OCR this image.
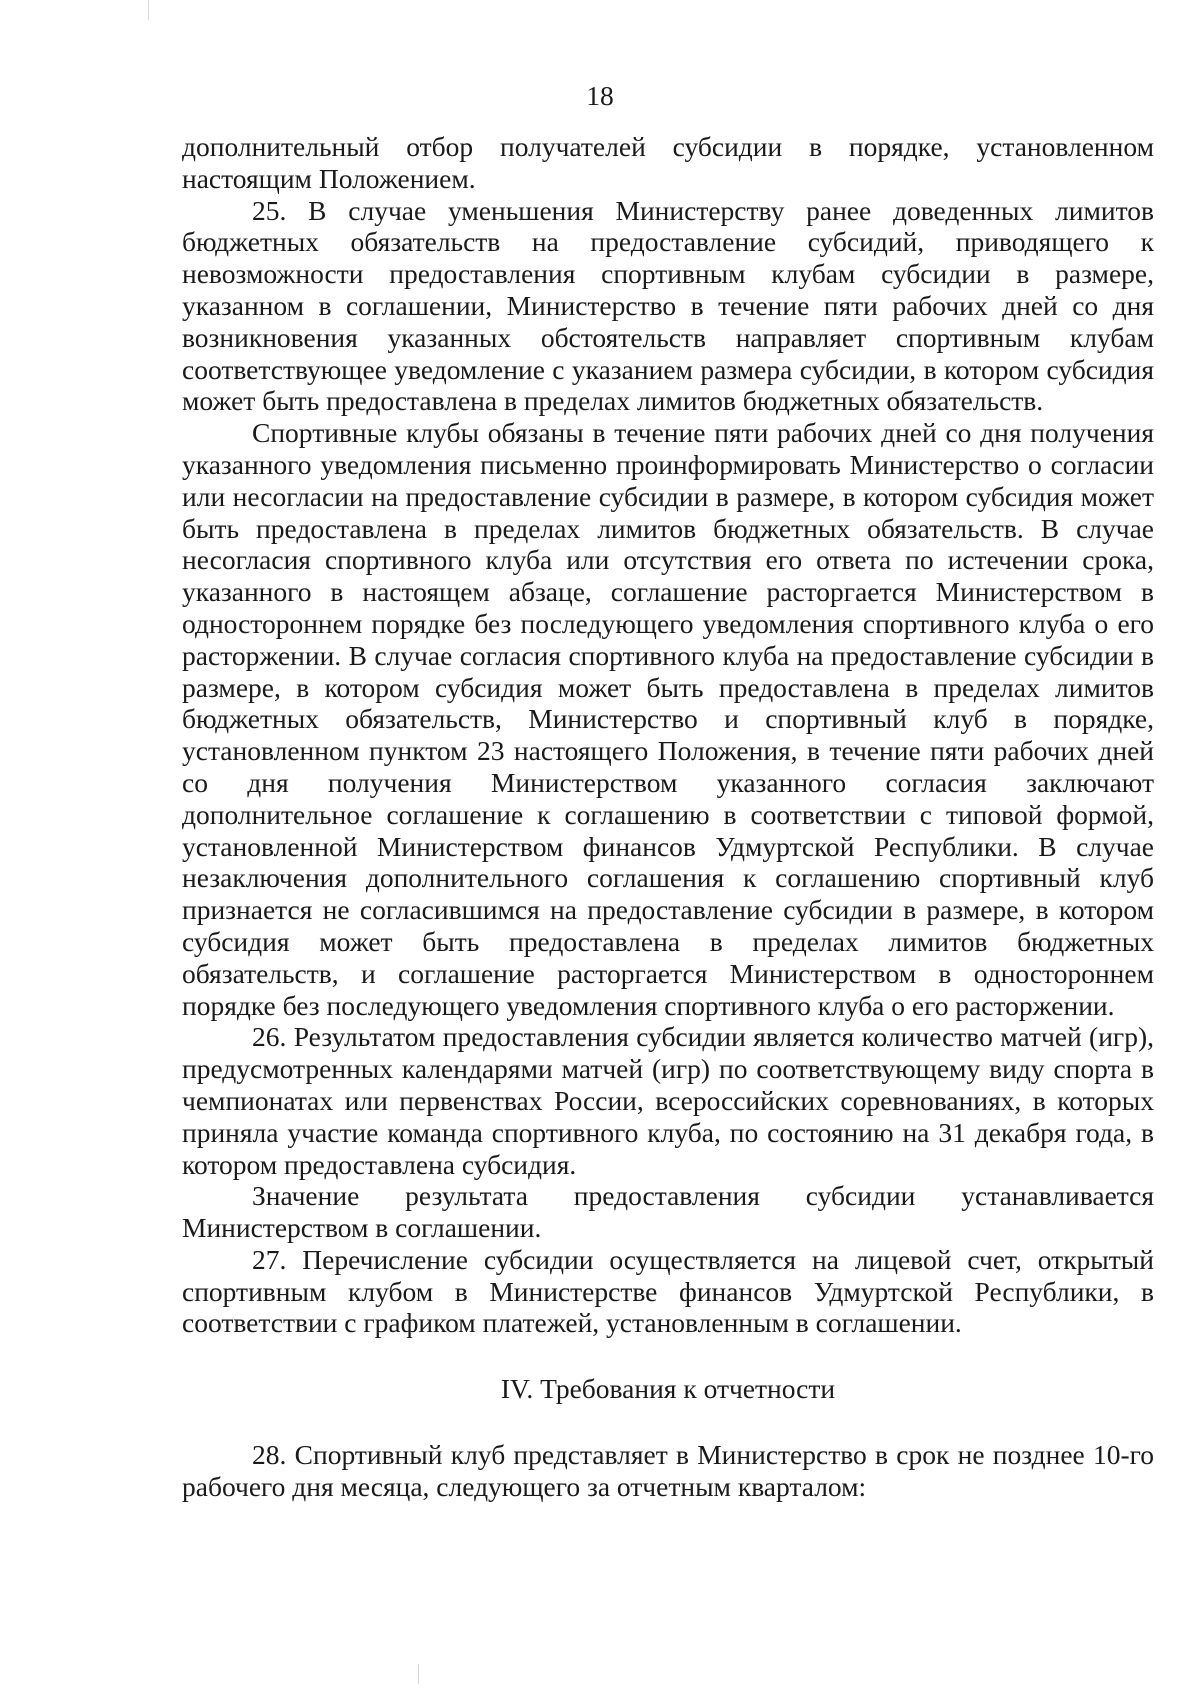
18

дополнительный отбор получателей субсидии в порядке, установленном настоящим Положением.

25. В случае уменьшения Министерству ранее доведенных лимитов бюджетных обязательств на предоставление субсидий, приводящего к невозможности предоставления спортивным клубам субсидии в размере, указанном в соглашении, Министерство в течение пяти рабочих дней со дня возникновения указанных обстоятельств направляет спортивным клубам соответствующее уведомление с указанием размера субсидии, в котором субсидия может быть предоставлена в пределах лимитов бюджетных обязательств.

Спортивные клубы обязаны в течение пяти рабочих дней со дня получения указанного уведомления письменно проинформировать Министерство о согласии или несогласии на предоставление субсидии в размере, в котором субсидия может быть предоставлена в пределах лимитов бюджетных обязательств. В случае несогласия спортивного клуба или отсутствия его ответа по истечении срока, указанного в настоящем абзаце, соглашение расторгается Министерством в одностороннем порядке без последующего уведомления спортивного клуба о его расторжении. В случае согласия спортивного клуба на предоставление субсидии в размере, в котором субсидия может быть предоставлена в пределах лимитов бюджетных обязательств, Министерство и спортивный клуб в порядке, установленном пунктом 23 настоящего Положения, в течение пяти рабочих дней со дня получения Министерством указанного согласия заключают дополнительное соглашение к соглашению в соответствии с типовой формой, установленной Министерством финансов Удмуртской Республики. В случае незаключения дополнительного соглашения к соглашению спортивный клуб признается не согласившимся на предоставление субсидии в размере, в котором субсидия может быть предоставлена в пределах лимитов бюджетных обязательств, и соглашение расторгается Министерством в одностороннем порядке без последующего уведомления спортивного клуба о его расторжении.

26. Результатом предоставления субсидии является количество матчей (игр), предусмотренных календарями матчей (игр) по соответствующему виду спорта в чемпионатах или первенствах России, всероссийских соревнованиях, в которых приняла участие команда спортивного клуба, по состоянию на 31 декабря года, в котором предоставлена субсидия.

Значение результата предоставления субсидии устанавливается Министерством в соглашении.

27. Перечисление субсидии осуществляется на лицевой счет, открытый спортивным клубом в Министерстве финансов Удмуртской Республики, в соответствии с графиком платежей, установленным в соглашении.

IV. Требования к отчетности

28. Спортивный клуб представляет в Министерство в срок не позднее 10-го рабочего дня месяца, следующего за отчетным кварталом:
